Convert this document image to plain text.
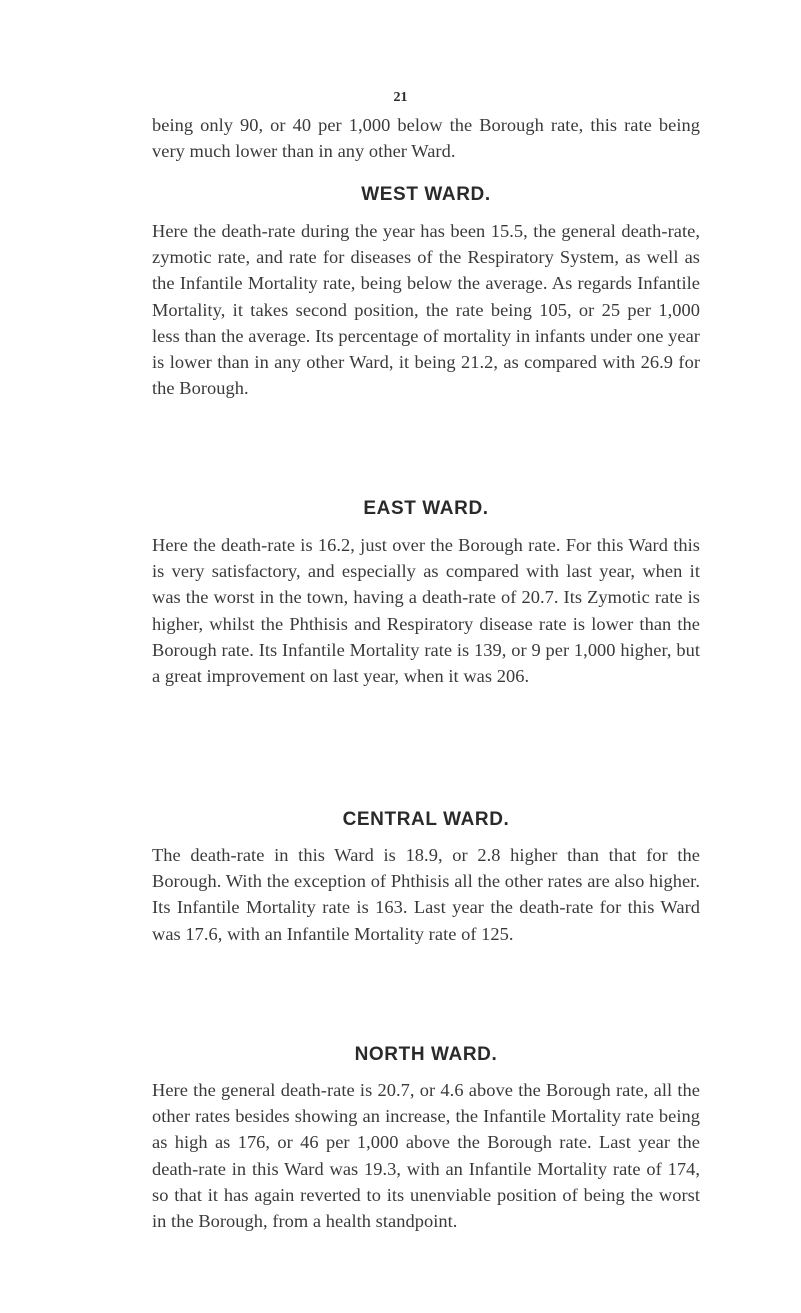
21

being only 90, or 40 per 1,000 below the Borough rate, this rate being very much lower than in any other Ward.

WEST WARD.

Here the death-rate during the year has been 15.5, the general death-rate, zymotic rate, and rate for diseases of the Respiratory System, as well as the Infantile Mortality rate, being below the average. As regards Infantile Mortality, it takes second position, the rate being 105, or 25 per 1,000 less than the average. Its percentage of mortality in infants under one year is lower than in any other Ward, it being 21.2, as compared with 26.9 for the Borough.

EAST WARD.

Here the death-rate is 16.2, just over the Borough rate. For this Ward this is very satisfactory, and especially as compared with last year, when it was the worst in the town, having a death-rate of 20.7. Its Zymotic rate is higher, whilst the Phthisis and Respiratory disease rate is lower than the Borough rate. Its Infantile Mortality rate is 139, or 9 per 1,000 higher, but a great improvement on last year, when it was 206.

CENTRAL WARD.

The death-rate in this Ward is 18.9, or 2.8 higher than that for the Borough. With the exception of Phthisis all the other rates are also higher. Its Infantile Mortality rate is 163. Last year the death-rate for this Ward was 17.6, with an Infantile Mortality rate of 125.

NORTH WARD.

Here the general death-rate is 20.7, or 4.6 above the Borough rate, all the other rates besides showing an increase, the Infantile Mortality rate being as high as 176, or 46 per 1,000 above the Borough rate. Last year the death-rate in this Ward was 19.3, with an Infantile Mortality rate of 174, so that it has again reverted to its unenviable position of being the worst in the Borough, from a health standpoint.
